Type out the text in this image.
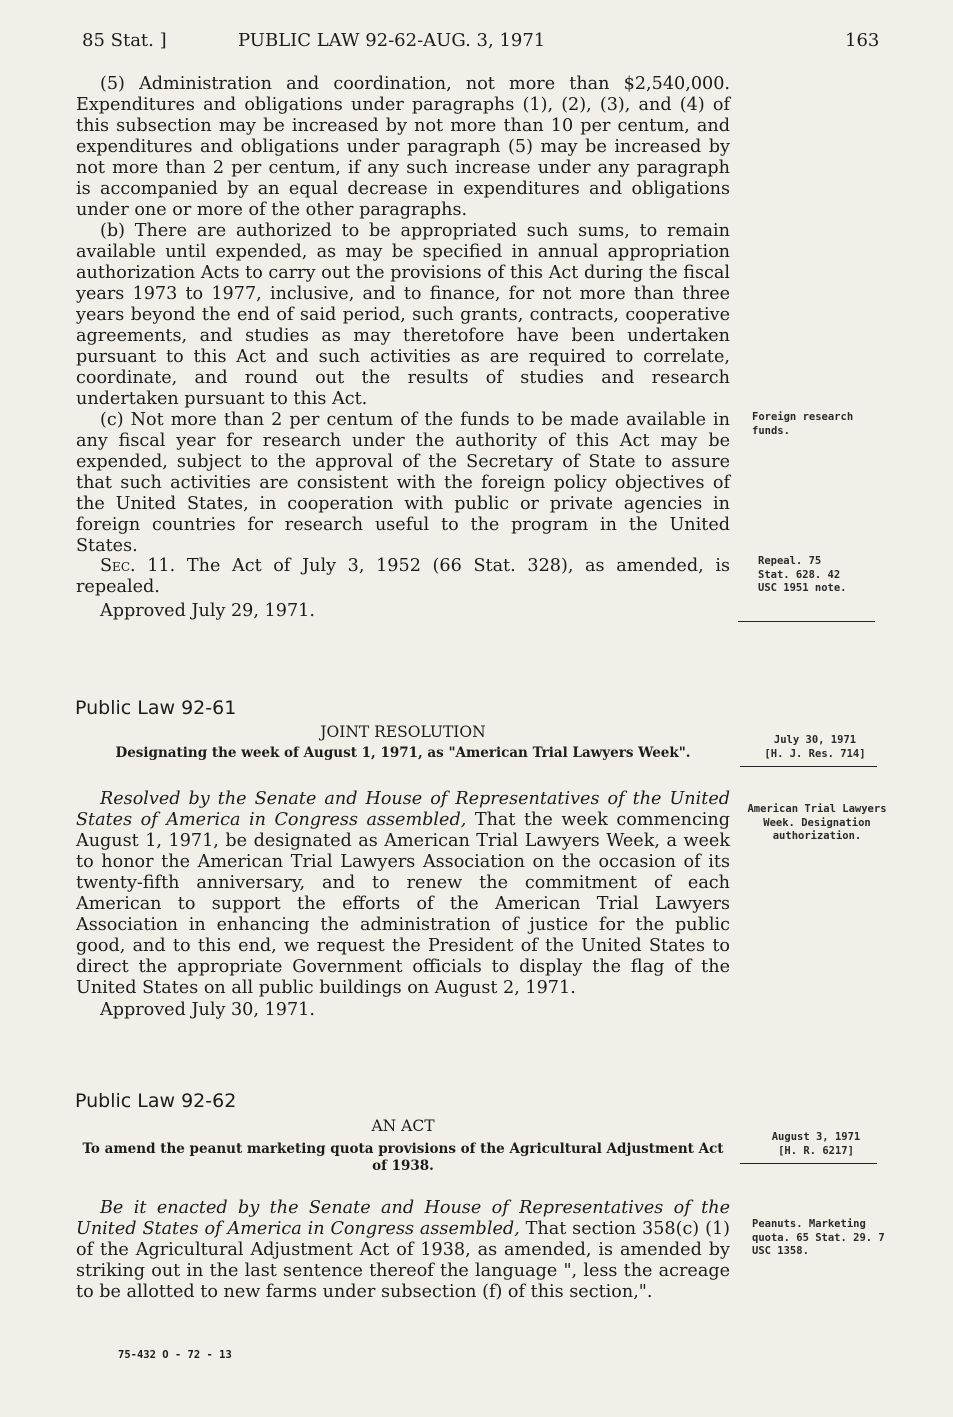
85 Stat. ]	PUBLIC LAW 92-62-AUG. 3, 1971	163

(5) Administration and coordination, not more than $2,540,000. Expenditures and obligations under paragraphs (1), (2), (3), and (4) of this subsection may be increased by not more than 10 per centum, and expenditures and obligations under paragraph (5) may be increased by not more than 2 per centum, if any such increase under any paragraph is accompanied by an equal decrease in expenditures and obligations under one or more of the other paragraphs.

(b) There are authorized to be appropriated such sums, to remain available until expended, as may be specified in annual appropriation authorization Acts to carry out the provisions of this Act during the fiscal years 1973 to 1977, inclusive, and to finance, for not more than three years beyond the end of said period, such grants, contracts, cooperative agreements, and studies as may theretofore have been undertaken pursuant to this Act and such activities as are required to correlate, coordinate, and round out the results of studies and research undertaken pursuant to this Act.

(c) Not more than 2 per centum of the funds to be made available in any fiscal year for research under the authority of this Act may be expended, subject to the approval of the Secretary of State to assure that such activities are consistent with the foreign policy objectives of the United States, in cooperation with public or private agencies in foreign countries for research useful to the program in the United States.

Sec. 11. The Act of July 3, 1952 (66 Stat. 328), as amended, is repealed.

Approved July 29, 1971.
Foreign research funds.
Repeal. 75 Stat. 628. 42 USC 1951 note.
Public Law 92-61
JOINT RESOLUTION
Designating the week of August 1, 1971, as "American Trial Lawyers Week".
July 30, 1971
[H. J. Res. 714]

Resolved by the Senate and House of Representatives of the United States of America in Congress assembled, That the week commencing August 1, 1971, be designated as American Trial Lawyers Week, a week to honor the American Trial Lawyers Association on the occasion of its twenty-fifth anniversary, and to renew the commitment of each American to support the efforts of the American Trial Lawyers Association in enhancing the administration of justice for the public good, and to this end, we request the President of the United States to direct the appropriate Government officials to display the flag of the United States on all public buildings on August 2, 1971.

Approved July 30, 1971.
American Trial Lawyers Week. Designation authorization.
Public Law 92-62
AN ACT
To amend the peanut marketing quota provisions of the Agricultural Adjustment Act of 1938.
August 3, 1971
[H. R. 6217]

Be it enacted by the Senate and House of Representatives of the United States of America in Congress assembled, That section 358(c) (1) of the Agricultural Adjustment Act of 1938, as amended, is amended by striking out in the last sentence thereof the language ", less the acreage to be allotted to new farms under subsection (f) of this section,".

Peanuts. Marketing quota. 65 Stat. 29. 7 USC 1358.
75-432 O - 72 - 13
